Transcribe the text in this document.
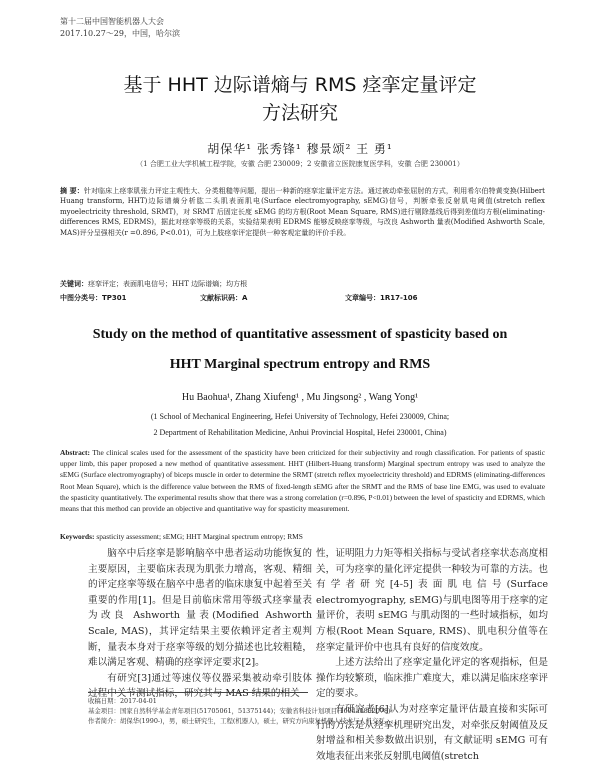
第十二届中国智能机器人大会
2017.10.27～29，中国，哈尔滨
基于 HHT 边际谱熵与 RMS 痉挛定量评定
方法研究
胡保华¹ 张秀锋¹ 穆景颂² 王 勇¹
（1 合肥工业大学机械工程学院，安徽 合肥 230009；2 安徽省立医院康复医学科，安徽 合肥 230001）
摘 要：针对临床上痉挛肌张力评定主观性大、分类粗糙等问题，提出一种新的痉挛定量评定方法。通过被动牵张屈肘的方式，利用希尔伯特黄变换(Hilbert Huang transform, HHT)边际谱熵分析肱二头肌表面肌电(Surface electromyography, sEMG)信号，判断牵张反射肌电阈值(stretch reflex myoelectricity threshold, SRMT)，对 SRMT 后固定长度 sEMG 的均方根(Root Mean Square, RMS)进行剔除基线后得到差值均方根(eliminating-differences RMS, EDRMS)，据此对痉挛等级的关系，实验结果表明 EDRMS 能够反映痉挛等级，与改良 Ashworth 量表(Modified Ashworth Scale, MAS)评分呈强相关(r =0.896, P<0.01)，可为上肢痉挛评定提供一种客观定量的评价手段。
关键词：痉挛评定；表面肌电信号；HHT 边际谱熵；均方根
中图分类号：TP301	文献标识码：A	文章编号：1R17-106
Study on the method of quantitative assessment of spasticity based on
HHT Marginal spectrum entropy and RMS
Hu Baohua¹, Zhang Xiufeng¹ , Mu Jingsong² , Wang Yong¹
(1 School of Mechanical Engineering, Hefei University of Technology, Hefei 230009, China;
2 Department of Rehabilitation Medicine, Anhui Provincial Hospital, Hefei 230001, China)
Abstract: The clinical scales used for the assessment of the spasticity have been criticized for their subjectivity and rough classification. For patients of spastic upper limb, this paper proposed a new method of quantitative assessment. HHT (Hilbert-Huang transform) Marginal spectrum entropy was used to analyze the sEMG (Surface electromyography) of biceps muscle in order to determine the SRMT (stretch reflex myoelectricity threshold) and EDRMS (eliminating-differences Root Mean Square), which is the difference value between the RMS of fixed-length sEMG after the SRMT and the RMS of base line EMG, was used to evaluate the spasticity quantitatively. The experimental results show that there was a strong correlation (r=0.896, P<0.01) between the level of spasticity and EDRMS, which means that this method can provide an objective and quantitative way for spasticity measurement.
Keywords: spasticity assessment; sEMG; HHT Marginal spectrum entropy; RMS

脑卒中后痉挛是影响脑卒中患者运动功能恢复的主要原因，主要临床表现为肌张力增高，客观、精细的评定痉挛等级在脑卒中患者的临床康复中起着至关重要的作用[1]。但是目前临床常用等级式痉挛量表为改良 Ashworth 量表(Modified Ashworth Scale, MAS)，其评定结果主要依赖评定者主观判断，量表本身对于痉挛等级的划分描述也比较粗糙，难以满足客观、精确的痉挛评定要求[2]。

有研究[3]通过等速仪等仪器采集被动牵引肢体过程中关节测试指标，研究其与 MAS 结果的相关

性，证明阻力力矩等相关指标与受试者痉挛状态高度相关，可为痉挛的量化评定提供一种较为可靠的方法。也有学者研究[4-5]表面肌电信号(Surface electromyography, sEMG)与肌电图等用于痉挛的定量评价，表明 sEMG 与肌动图的一些时域指标，如均方根(Root Mean Square, RMS)、肌电积分值等在痉挛定量评价中也具有良好的信度效度。

上述方法给出了痉挛定量化评定的客观指标，但是操作均较繁琐，临床推广难度大，难以满足临床痉挛评定的要求。

有研究者[6]认为对痉挛定量评估最直接和实际可行的方法是从痉挛机理研究出发，对牵张反射阈值及反射增益和相关参数做出识别，有文献证明 sEMG 可有效地表征出来张反射肌电阈值(stretch

收稿日期：2017-04-01
基金项目：国家自然科学基金青年项目(51705061，51375144)；安徽省科技计划项目(1604a0802078)
作者简介：胡保华(1990-)，男，硕士研究生，工程(机器人)，硕士，研究方向康复机器人技术与人机交互。
